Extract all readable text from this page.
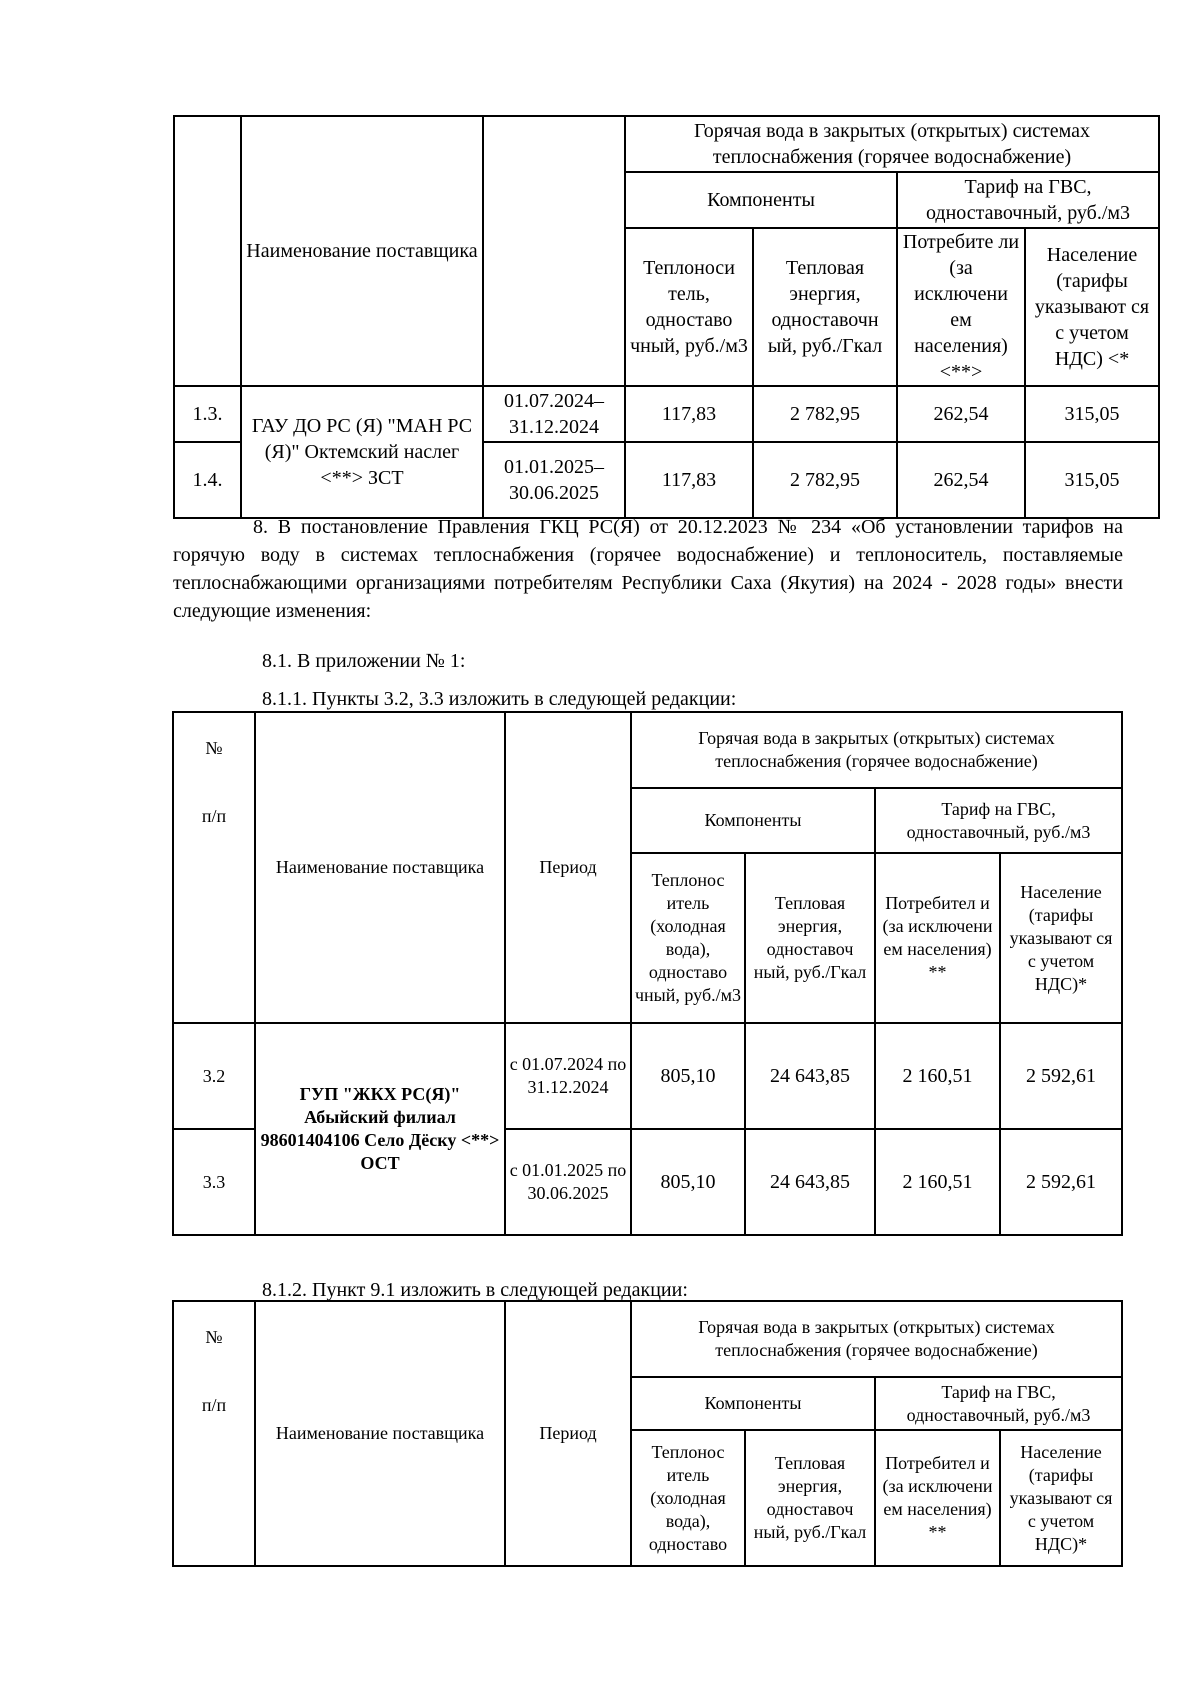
	Наименование поставщика		Горячая вода в закрытых (открытых) системах теплоснабжения (горячее водоснабжение)			
			Компоненты		Тариф на ГВС, одноставочный, руб./м3	
			Теплоноси тель, одноставо чный, руб./м3	Тепловая энергия, одноставочн ый, руб./Гкал	Потребите ли (за исключени ем населения) <**>	Население (тарифы указывают ся с учетом НДС) <*
1.3.	ГАУ ДО РС (Я) "МАН РС (Я)" Октемский наслег <**> ЗСТ	01.07.2024– 31.12.2024	117,83	2 782,95	262,54	315,05
1.4.		01.01.2025– 30.06.2025	117,83	2 782,95	262,54	315,05
8. В постановление Правления ГКЦ РС(Я) от 20.12.2023 № 234 «Об установлении тарифов на горячую воду в системах теплоснабжения (горячее водоснабжение) и теплоноситель, поставляемые теплоснабжающими организациями потребителям Республики Саха (Якутия) на 2024 - 2028 годы» внести следующие изменения:
8.1. В приложении № 1:
8.1.1. Пункты 3.2, 3.3 изложить в следующей редакции:
№
п/п	Наименование поставщика	Период	Горячая вода в закрытых (открытых) системах теплоснабжения (горячее водоснабжение)			
			Компоненты		Тариф на ГВС, одноставочный, руб./м3	
			Теплонос итель (холодная вода), одноставо чный, руб./м3	Тепловая энергия, одноставоч ный, руб./Гкал	Потребител и (за исключени ем населения) **	Население (тарифы указывают ся с учетом НДС)*
3.2	ГУП "ЖКХ РС(Я)" Абыйский филиал 98601404106 Село Дёску <**> ОСТ	с 01.07.2024 по 31.12.2024	805,10	24 643,85	2 160,51	2 592,61
3.3		с 01.01.2025 по 30.06.2025	805,10	24 643,85	2 160,51	2 592,61
8.1.2. Пункт 9.1 изложить в следующей редакции:
№
п/п	Наименование поставщика	Период	Горячая вода в закрытых (открытых) системах теплоснабжения (горячее водоснабжение)			
			Компоненты		Тариф на ГВС, одноставочный, руб./м3	
			Теплонос итель (холодная вода), одноставо	Тепловая энергия, одноставоч ный, руб./Гкал	Потребител и (за исключени ем населения) **	Население (тарифы указывают ся с учетом НДС)*
